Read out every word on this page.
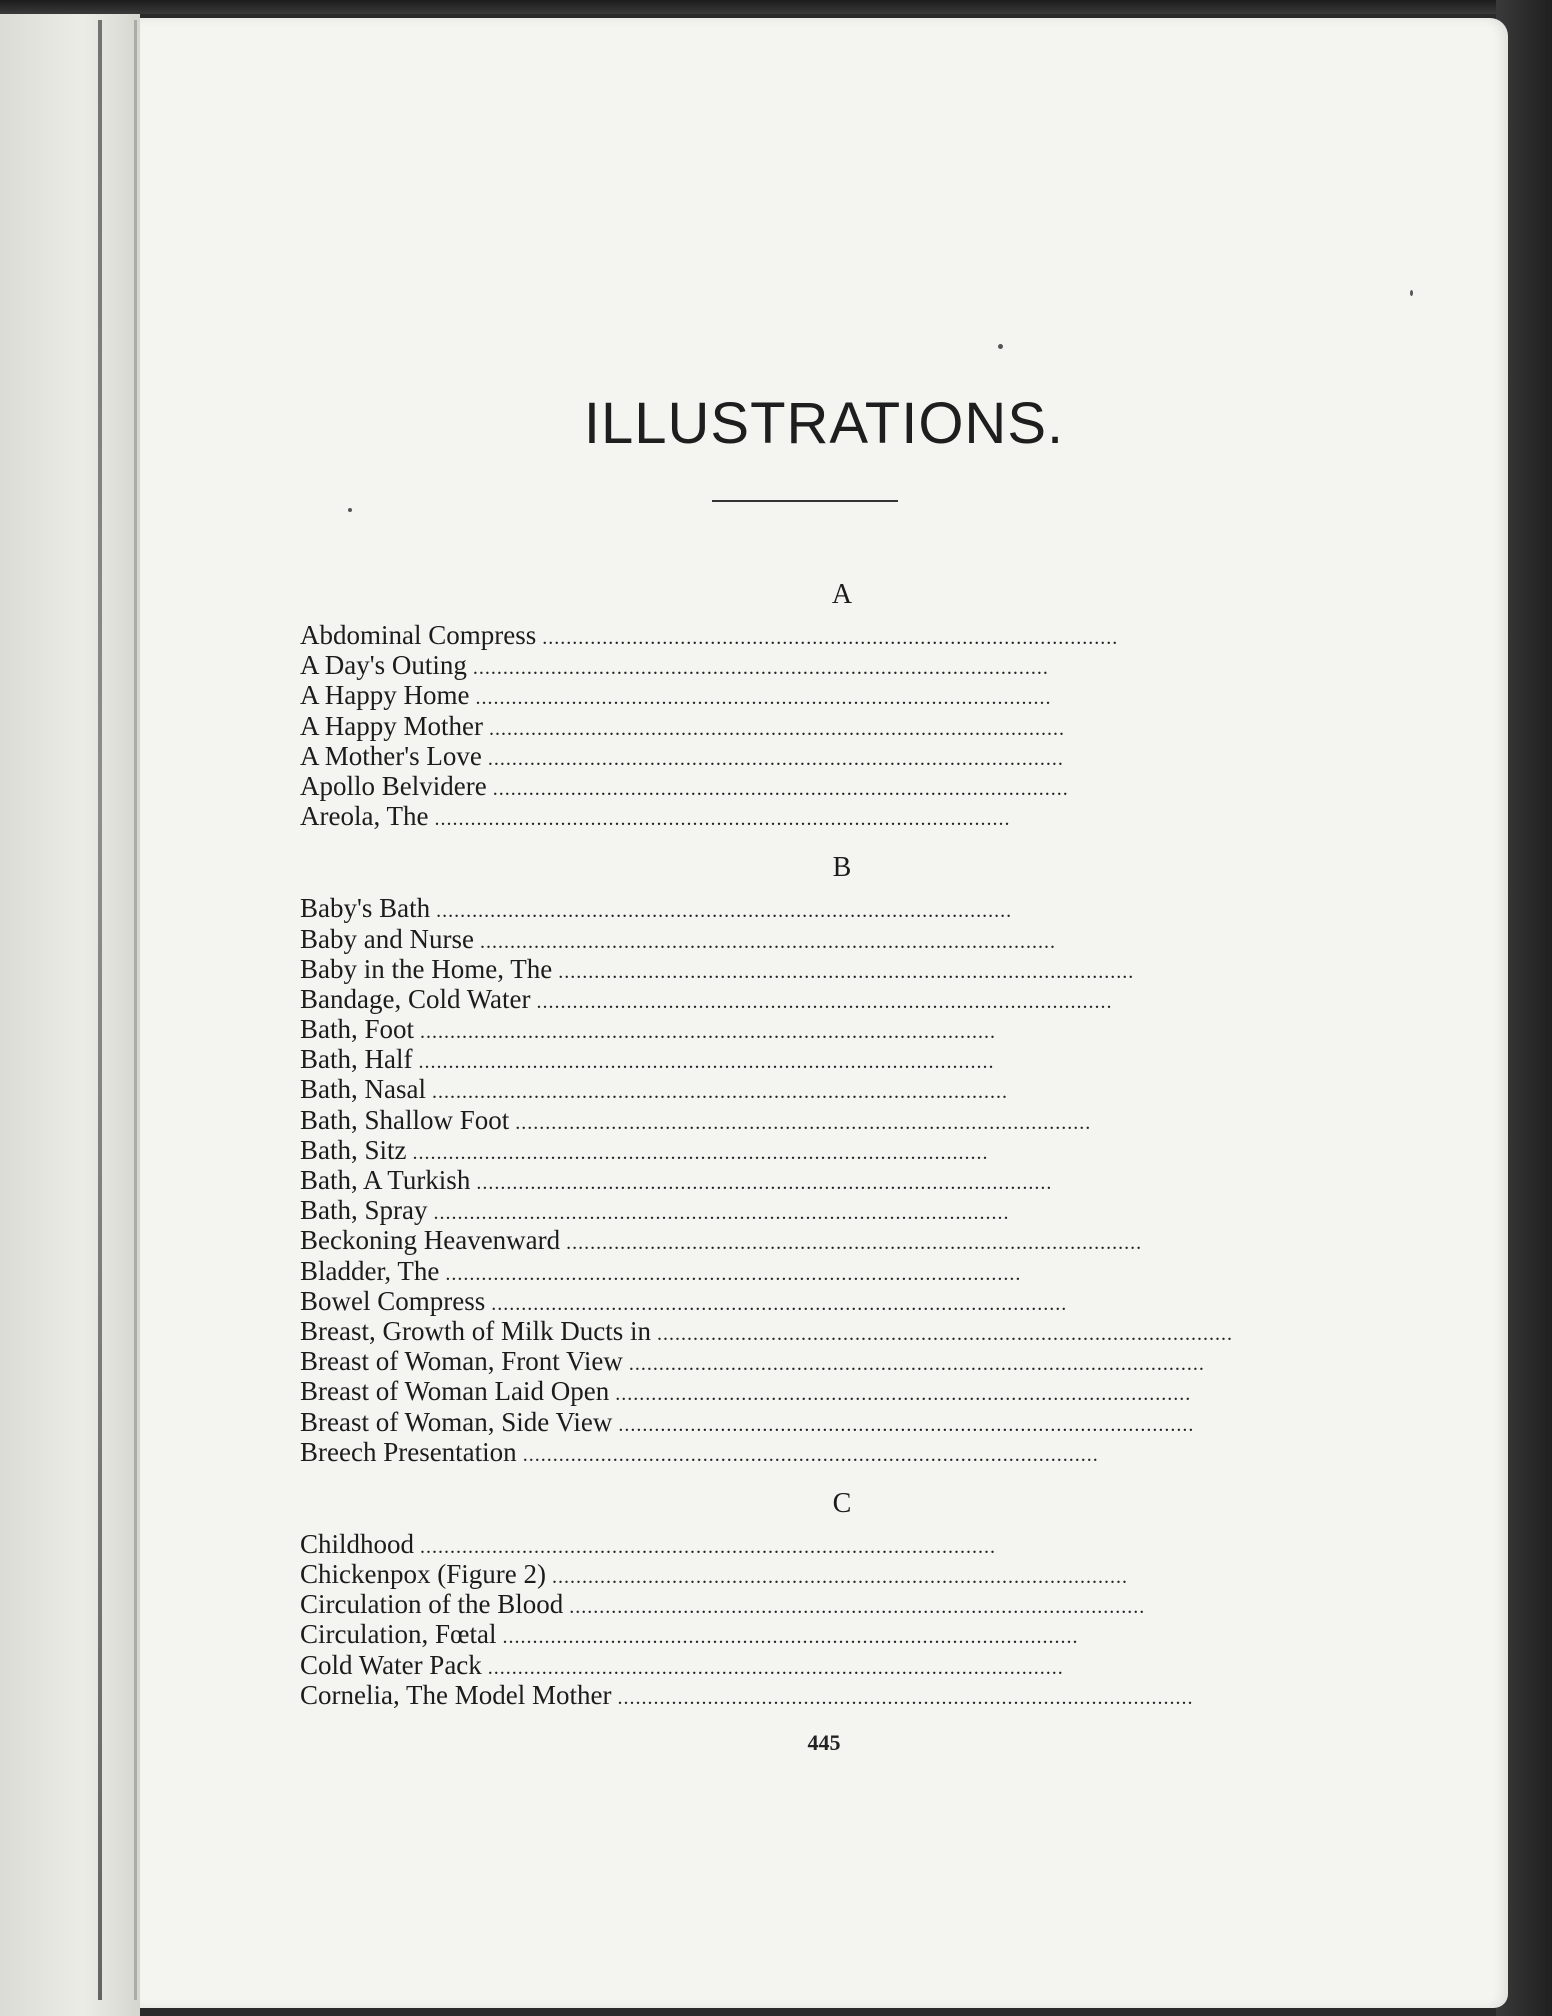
ILLUSTRATIONS.
A
Abdominal Compress
. . .
A Day's Outing
. . .
A Happy Home
. . .
A Happy Mother
. . .
A Mother's Love
. . .
Apollo Belvidere
. . .
Areola, The
. . .
B
Baby's Bath
. . .
Baby and Nurse
. . .
Baby in the Home, The
. . .
Bandage, Cold Water
. . .
Bath, Foot
. . .
Bath, Half
. . .
Bath, Nasal
. . .
Bath, Shallow Foot
. . .
Bath, Sitz
. . .
Bath, A Turkish
. . .
Bath, Spray
. . .
Beckoning Heavenward
. . .
Bladder, The
. . .
Bowel Compress
. . .
Breast, Growth of Milk Ducts in
. . .
Breast of Woman, Front View
. . .
Breast of Woman Laid Open
. . .
Breast of Woman, Side View
. . .
Breech Presentation
. . .
C
Childhood
. . .
Chickenpox (Figure 2)
. . .
Circulation of the Blood
. . .
Circulation, Fœtal
. . .
Cold Water Pack
. . .
Cornelia, The Model Mother
. . .
445
